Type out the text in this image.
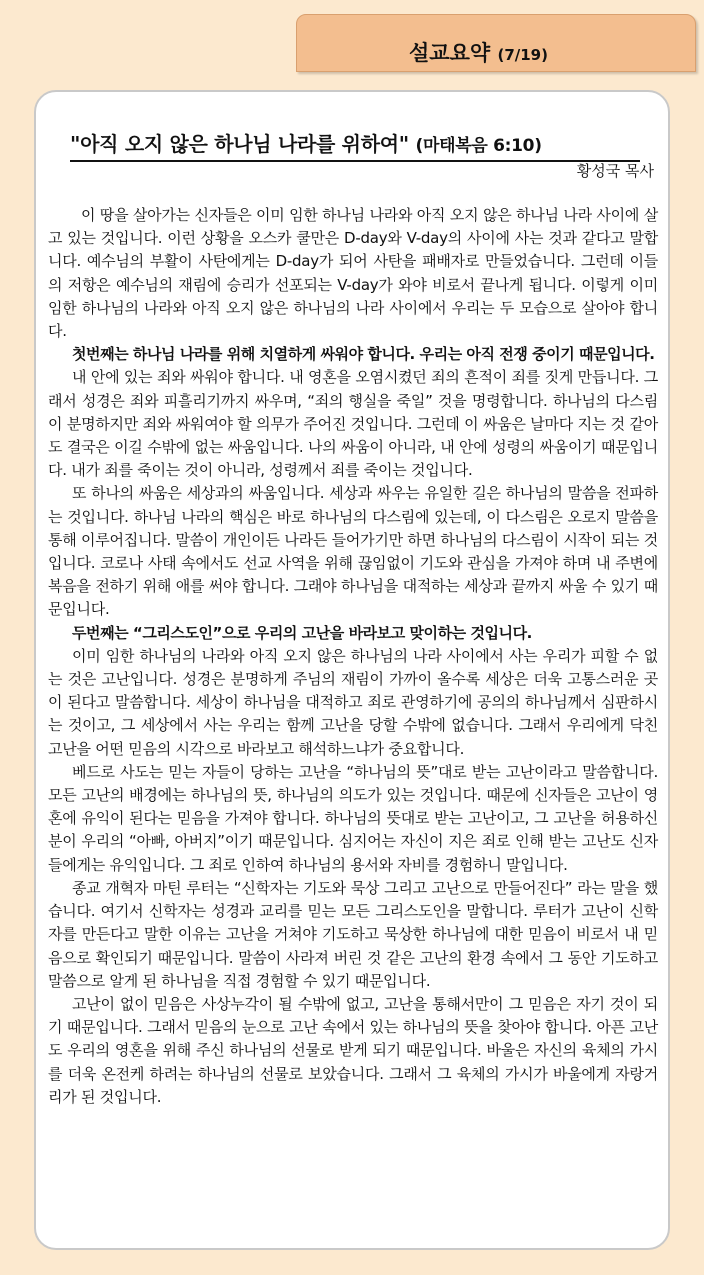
설교요약 (7/19)
"아직 오지 않은 하나님 나라를 위하여" (마태복음 6:10)
황성국 목사

이 땅을 살아가는 신자들은 이미 임한 하나님 나라와 아직 오지 않은 하나님 나라 사이에 살고 있는 것입니다. 이런 상황을 오스카 쿨만은 D-day와 V-day의 사이에 사는 것과 같다고 말합니다. 예수님의 부활이 사탄에게는 D-day가 되어 사탄을 패배자로 만들었습니다. 그런데 이들의 저항은 예수님의 재림에 승리가 선포되는 V-day가 와야 비로서 끝나게 됩니다. 이렇게 이미 임한 하나님의 나라와 아직 오지 않은 하나님의 나라 사이에서 우리는 두 모습으로 살아야 합니다.

첫번째는 하나님 나라를 위해 치열하게 싸워야 합니다. 우리는 아직 전쟁 중이기 때문입니다.

내 안에 있는 죄와 싸워야 합니다. 내 영혼을 오염시켰던 죄의 흔적이 죄를 짓게 만듭니다. 그래서 성경은 죄와 피흘리기까지 싸우며, “죄의 행실을 죽일” 것을 명령합니다. 하나님의 다스림이 분명하지만 죄와 싸워여야 할 의무가 주어진 것입니다. 그런데 이 싸움은 날마다 지는 것 같아도 결국은 이길 수밖에 없는 싸움입니다. 나의 싸움이 아니라, 내 안에 성령의 싸움이기 때문입니다. 내가 죄를 죽이는 것이 아니라, 성령께서 죄를 죽이는 것입니다.

또 하나의 싸움은 세상과의 싸움입니다. 세상과 싸우는 유일한 길은 하나님의 말씀을 전파하는 것입니다. 하나님 나라의 핵심은 바로 하나님의 다스림에 있는데, 이 다스림은 오로지 말씀을 통해 이루어집니다. 말씀이 개인이든 나라든 들어가기만 하면 하나님의 다스림이 시작이 되는 것입니다. 코로나 사태 속에서도 선교 사역을 위해 끊임없이 기도와 관심을 가져야 하며 내 주변에 복음을 전하기 위해 애를 써야 합니다. 그래야 하나님을 대적하는 세상과 끝까지 싸울 수 있기 때문입니다.

두번째는 “그리스도인”으로 우리의 고난을 바라보고 맞이하는 것입니다.

이미 임한 하나님의 나라와 아직 오지 않은 하나님의 나라 사이에서 사는 우리가 피할 수 없는 것은 고난입니다. 성경은 분명하게 주님의 재림이 가까이 올수록 세상은 더욱 고통스러운 곳이 된다고 말씀합니다. 세상이 하나님을 대적하고 죄로 관영하기에 공의의 하나님께서 심판하시는 것이고, 그 세상에서 사는 우리는 함께 고난을 당할 수밖에 없습니다. 그래서 우리에게 닥친 고난을 어떤 믿음의 시각으로 바라보고 해석하느냐가 중요합니다.

베드로 사도는 믿는 자들이 당하는 고난을 “하나님의 뜻”대로 받는 고난이라고 말씀합니다. 모든 고난의 배경에는 하나님의 뜻, 하나님의 의도가 있는 것입니다. 때문에 신자들은 고난이 영혼에 유익이 된다는 믿음을 가져야 합니다. 하나님의 뜻대로 받는 고난이고, 그 고난을 허용하신 분이 우리의 “아빠, 아버지”이기 때문입니다. 심지어는 자신이 지은 죄로 인해 받는 고난도 신자들에게는 유익입니다. 그 죄로 인하여 하나님의 용서와 자비를 경험하니 말입니다.

종교 개혁자 마틴 루터는 “신학자는 기도와 묵상 그리고 고난으로 만들어진다” 라는 말을 했습니다. 여기서 신학자는 성경과 교리를 믿는 모든 그리스도인을 말합니다. 루터가 고난이 신학자를 만든다고 말한 이유는 고난을 거쳐야 기도하고 묵상한 하나님에 대한 믿음이 비로서 내 믿음으로 확인되기 때문입니다. 말씀이 사라져 버린 것 같은 고난의 환경 속에서 그 동안 기도하고 말씀으로 알게 된 하나님을 직접 경험할 수 있기 때문입니다.

고난이 없이 믿음은 사상누각이 될 수밖에 없고, 고난을 통해서만이 그 믿음은 자기 것이 되기 때문입니다. 그래서 믿음의 눈으로 고난 속에서 있는 하나님의 뜻을 찾아야 합니다. 아픈 고난도 우리의 영혼을 위해 주신 하나님의 선물로 받게 되기 때문입니다. 바울은 자신의 육체의 가시를 더욱 온전케 하려는 하나님의 선물로 보았습니다. 그래서 그 육체의 가시가 바울에게 자랑거리가 된 것입니다.
